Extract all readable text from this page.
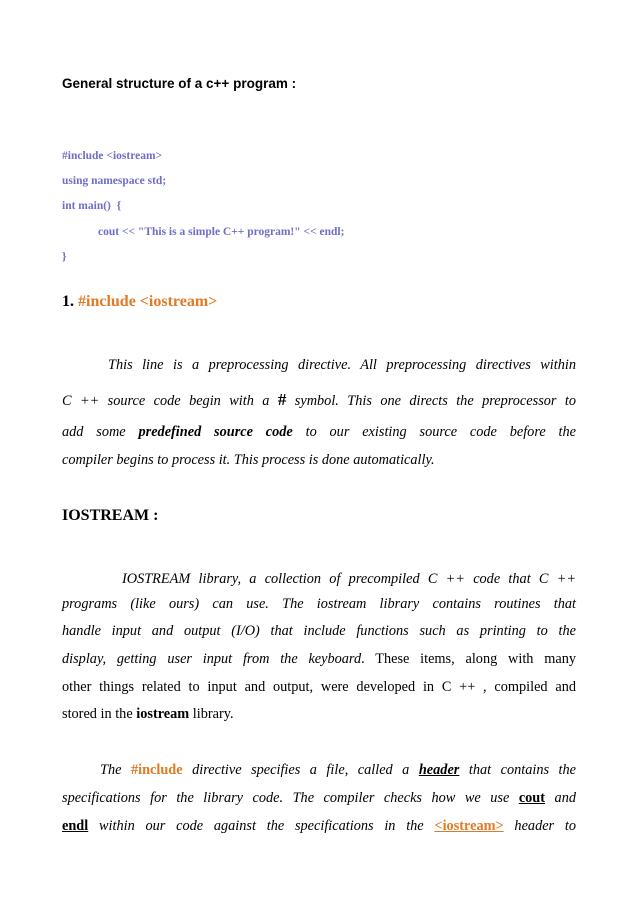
General structure of a c++ program :
#include <iostream>
using namespace std;
int main()  {
cout << "This is a simple C++ program!" << endl;
}
1. #include <iostream>
This line is a preprocessing directive. All preprocessing directives within
C ++ source code begin with a # symbol. This one directs the preprocessor to
add some predefined source code to our existing source code before the
compiler begins to process it. This process is done automatically.
IOSTREAM :
IOSTREAM library, a collection of precompiled C ++ code that C ++
programs (like ours) can use. The iostream library contains routines that
handle input and output (I/O) that include functions such as printing to the
display, getting user input from the keyboard. These items, along with many
other things related to input and output, were developed in C ++ , compiled and
stored in the iostream library.
The #include directive specifies a file, called a header that contains the
specifications for the library code. The compiler checks how we use cout and
endl within our code against the specifications in the <iostream> header to
